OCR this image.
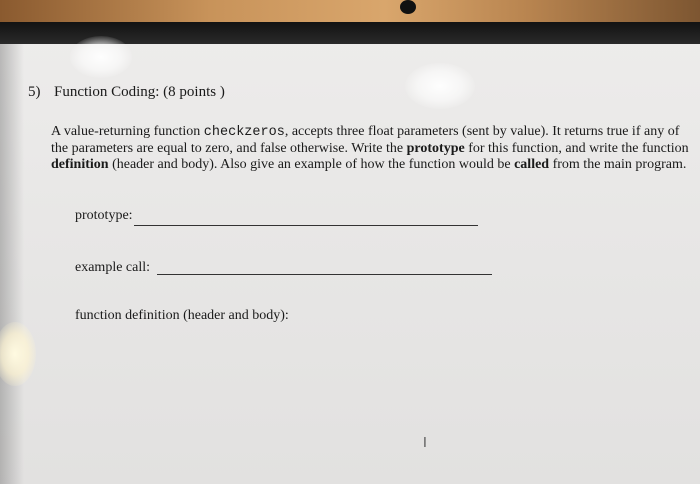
5) Function Coding: (8 points )
A value-returning function checkzeros, accepts three float parameters (sent by value). It returns true if any of the parameters are equal to zero, and false otherwise. Write the prototype for this function, and write the function definition (header and body). Also give an example of how the function would be called from the main program.
prototype:
example call:
function definition (header and body):
I
